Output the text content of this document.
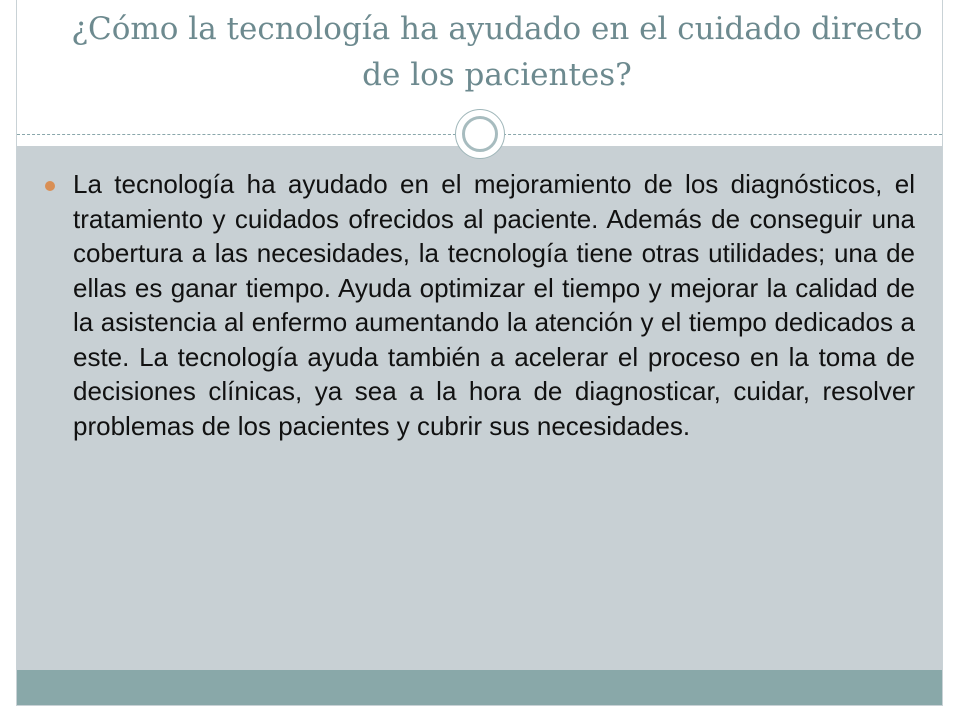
¿Cómo la tecnología ha ayudado en el cuidado directo de los pacientes?

La tecnología ha ayudado en el mejoramiento de los diagnósticos, el tratamiento y cuidados ofrecidos al paciente. Además de conseguir una cobertura a las necesidades, la tecnología tiene otras utilidades; una de ellas es ganar tiempo. Ayuda optimizar el tiempo y mejorar la calidad de la asistencia al enfermo aumentando la atención y el tiempo dedicados a este. La tecnología ayuda también a acelerar el proceso en la toma de decisiones clínicas, ya sea a la hora de diagnosticar, cuidar, resolver problemas de los pacientes y cubrir sus necesidades.
